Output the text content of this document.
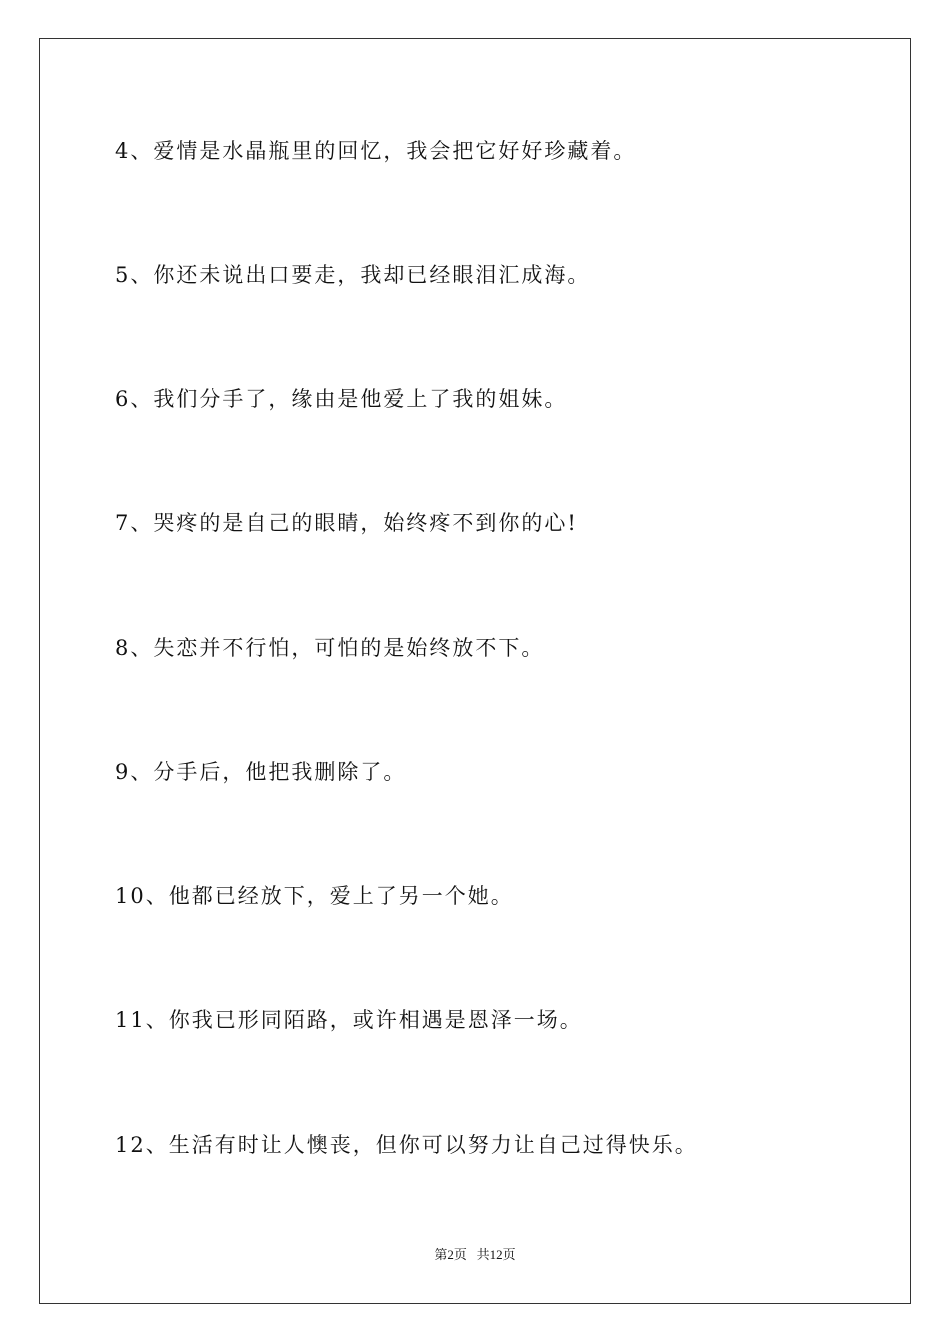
4、爱情是水晶瓶里的回忆，我会把它好好珍藏着。
5、你还未说出口要走，我却已经眼泪汇成海。
6、我们分手了，缘由是他爱上了我的姐妹。
7、哭疼的是自己的眼睛，始终疼不到你的心!
8、失恋并不行怕，可怕的是始终放不下。
9、分手后，他把我删除了。
10、他都已经放下，爱上了另一个她。
11、你我已形同陌路，或许相遇是恩泽一场。
12、生活有时让人懊丧，但你可以努力让自己过得快乐。
第2页   共12页
